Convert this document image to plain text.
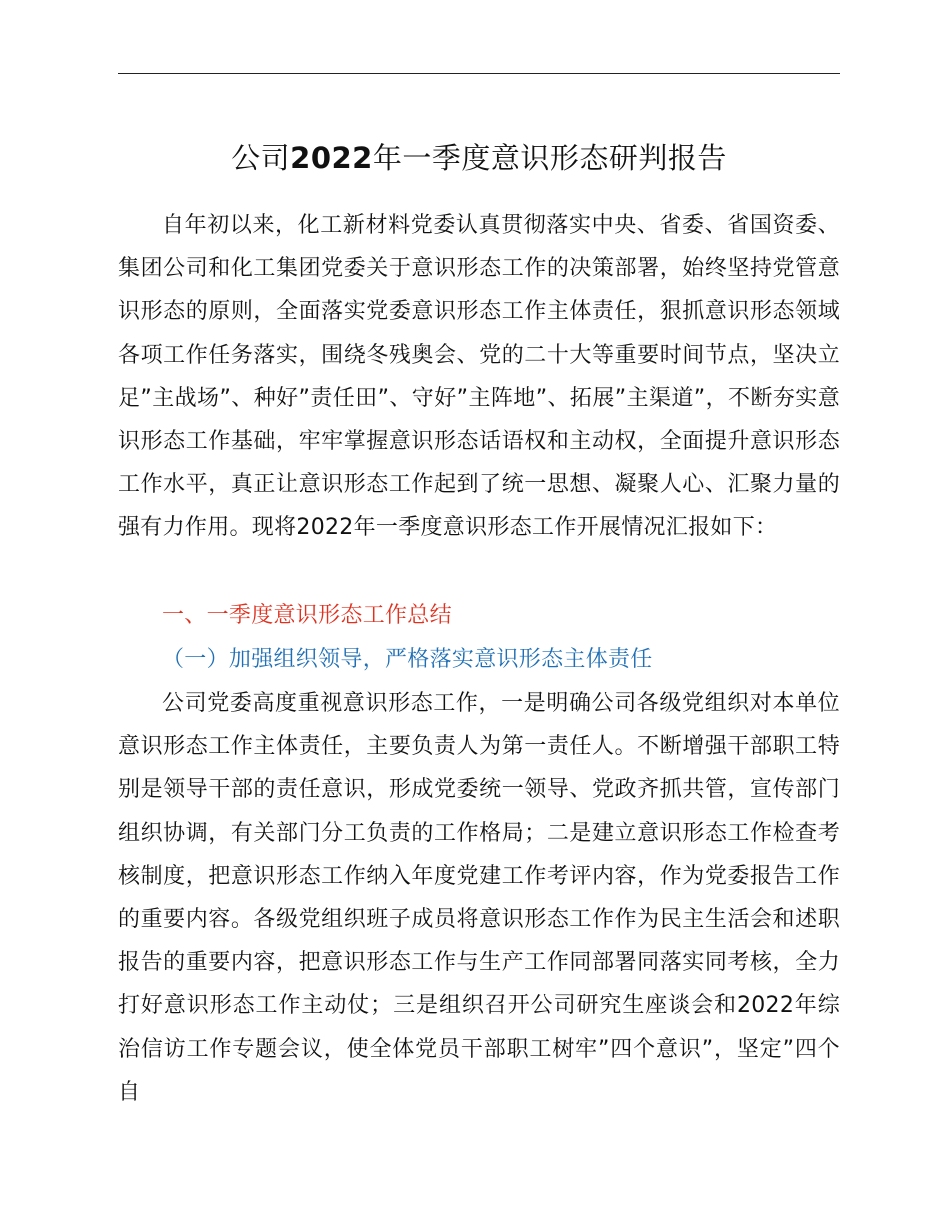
公司2022年一季度意识形态研判报告

自年初以来，化工新材料党委认真贯彻落实中央、省委、省国资委、集团公司和化工集团党委关于意识形态工作的决策部署，始终坚持党管意识形态的原则，全面落实党委意识形态工作主体责任，狠抓意识形态领域各项工作任务落实，围绕冬残奥会、党的二十大等重要时间节点，坚决立足”主战场”、种好”责任田”、守好”主阵地”、拓展”主渠道”，不断夯实意识形态工作基础，牢牢掌握意识形态话语权和主动权，全面提升意识形态工作水平，真正让意识形态工作起到了统一思想、凝聚人心、汇聚力量的强有力作用。现将2022年一季度意识形态工作开展情况汇报如下：

一、一季度意识形态工作总结

（一）加强组织领导，严格落实意识形态主体责任

公司党委高度重视意识形态工作，一是明确公司各级党组织对本单位意识形态工作主体责任，主要负责人为第一责任人。不断增强干部职工特别是领导干部的责任意识，形成党委统一领导、党政齐抓共管，宣传部门组织协调，有关部门分工负责的工作格局；二是建立意识形态工作检查考核制度，把意识形态工作纳入年度党建工作考评内容，作为党委报告工作的重要内容。各级党组织班子成员将意识形态工作作为民主生活会和述职报告的重要内容，把意识形态工作与生产工作同部署同落实同考核，全力打好意识形态工作主动仗；三是组织召开公司研究生座谈会和2022年综治信访工作专题会议，使全体党员干部职工树牢”四个意识”，坚定”四个自
